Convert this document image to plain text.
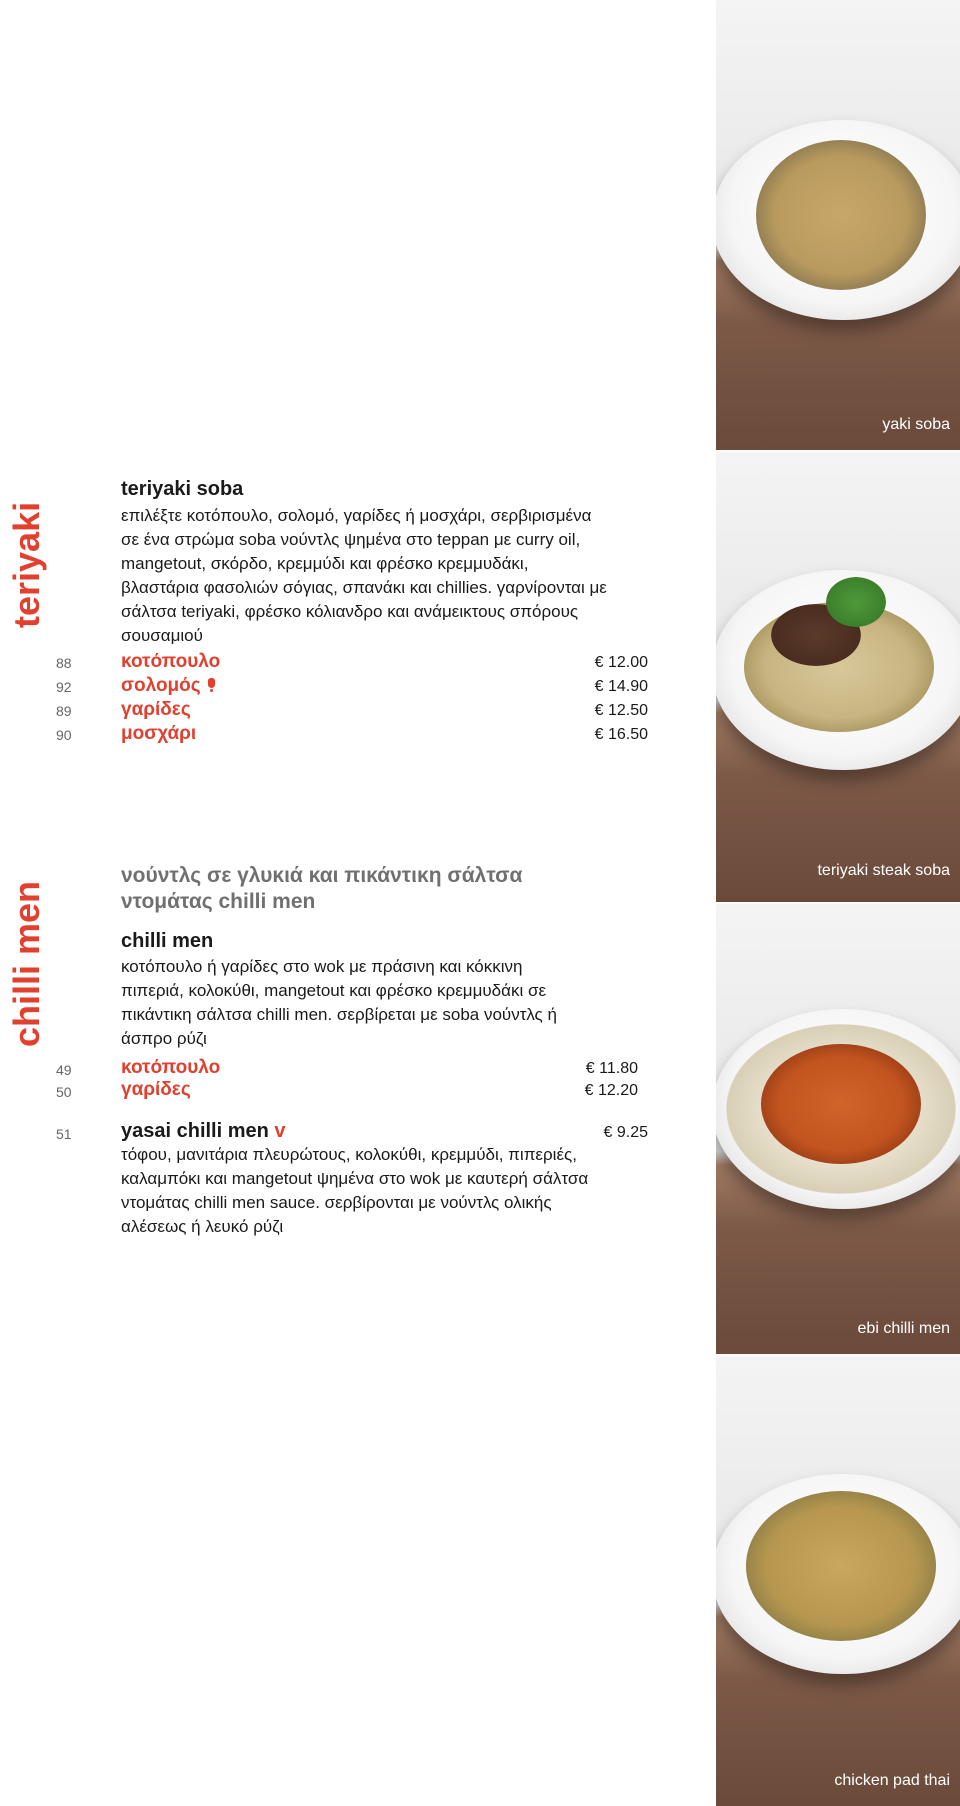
teriyaki
chilli men
teriyaki soba
επιλέξτε κοτόπουλο, σολομό, γαρίδες ή μοσχάρι, σερβιρισμένα σε ένα στρώμα soba νούντλς ψημένα στο teppan με curry oil, mangetout, σκόρδο, κρεμμύδι και φρέσκο κρεμμυδάκι, βλαστάρια φασολιών σόγιας, σπανάκι και chillies. γαρνίρονται με σάλτσα teriyaki, φρέσκο κόλιανδρο και ανάμεικτους σπόρους σουσαμιού
88	κοτόπουλο	€ 12.00
92	σολομός	€ 14.90
89	γαρίδες	€ 12.50
90	μοσχάρι	€ 16.50
νούντλς σε γλυκιά και πικάντικη σάλτσα
ντομάτας chilli men
chilli men
κοτόπουλο ή γαρίδες στο wok με πράσινη και κόκκινη πιπεριά, κολοκύθι, mangetout και φρέσκο κρεμμυδάκι σε πικάντικη σάλτσα chilli men. σερβίρεται με soba νούντλς ή άσπρο ρύζι
49	κοτόπουλο	€ 11.80
50	γαρίδες	€ 12.20
51	yasai chilli men v	€ 9.25
τόφου, μανιτάρια πλευρώτους, κολοκύθι, κρεμμύδι, πιπεριές, καλαμπόκι και mangetout ψημένα στο wok με καυτερή σάλτσα ντομάτας chilli men sauce. σερβίρονται με νούντλς ολικής αλέσεως ή λευκό ρύζι
yaki soba
teriyaki steak soba
ebi chilli men
chicken pad thai
